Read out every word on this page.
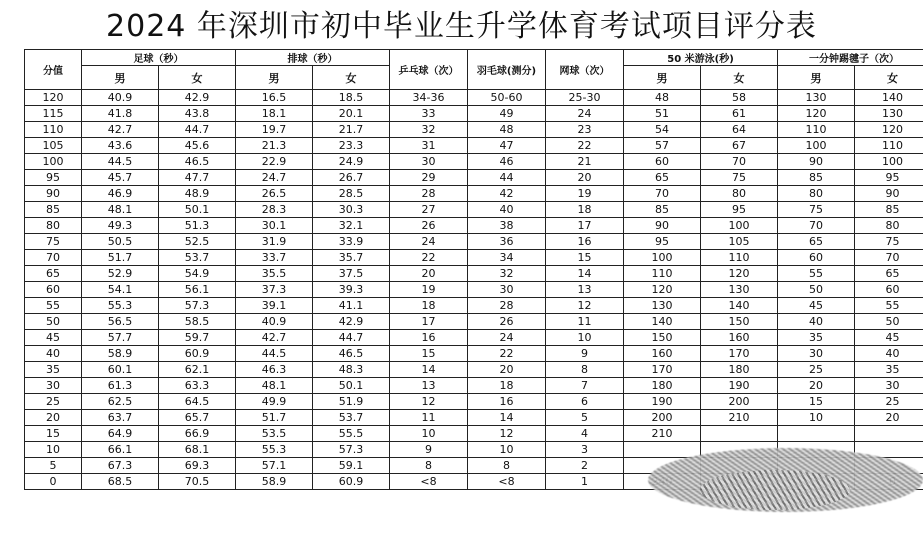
2024 年深圳市初中毕业生升学体育考试项目评分表
分值	足球（秒）		排球（秒）		乒乓球（次）	羽毛球(测分)	网球（次）	50 米游泳(秒)		一分钟踢毽子（次）	
	男	女	男	女				男	女	男	女
120	40.9	42.9	16.5	18.5	34-36	50-60	25-30	48	58	130	140
115	41.8	43.8	18.1	20.1	33	49	24	51	61	120	130
110	42.7	44.7	19.7	21.7	32	48	23	54	64	110	120
105	43.6	45.6	21.3	23.3	31	47	22	57	67	100	110
100	44.5	46.5	22.9	24.9	30	46	21	60	70	90	100
95	45.7	47.7	24.7	26.7	29	44	20	65	75	85	95
90	46.9	48.9	26.5	28.5	28	42	19	70	80	80	90
85	48.1	50.1	28.3	30.3	27	40	18	85	95	75	85
80	49.3	51.3	30.1	32.1	26	38	17	90	100	70	80
75	50.5	52.5	31.9	33.9	24	36	16	95	105	65	75
70	51.7	53.7	33.7	35.7	22	34	15	100	110	60	70
65	52.9	54.9	35.5	37.5	20	32	14	110	120	55	65
60	54.1	56.1	37.3	39.3	19	30	13	120	130	50	60
55	55.3	57.3	39.1	41.1	18	28	12	130	140	45	55
50	56.5	58.5	40.9	42.9	17	26	11	140	150	40	50
45	57.7	59.7	42.7	44.7	16	24	10	150	160	35	45
40	58.9	60.9	44.5	46.5	15	22	9	160	170	30	40
35	60.1	62.1	46.3	48.3	14	20	8	170	180	25	35
30	61.3	63.3	48.1	50.1	13	18	7	180	190	20	30
25	62.5	64.5	49.9	51.9	12	16	6	190	200	15	25
20	63.7	65.7	51.7	53.7	11	14	5	200	210	10	20
15	64.9	66.9	53.5	55.5	10	12	4	210			
10	66.1	68.1	55.3	57.3	9	10	3				
5	67.3	69.3	57.1	59.1	8	8	2				
0	68.5	70.5	58.9	60.9	<8	<8	1				
